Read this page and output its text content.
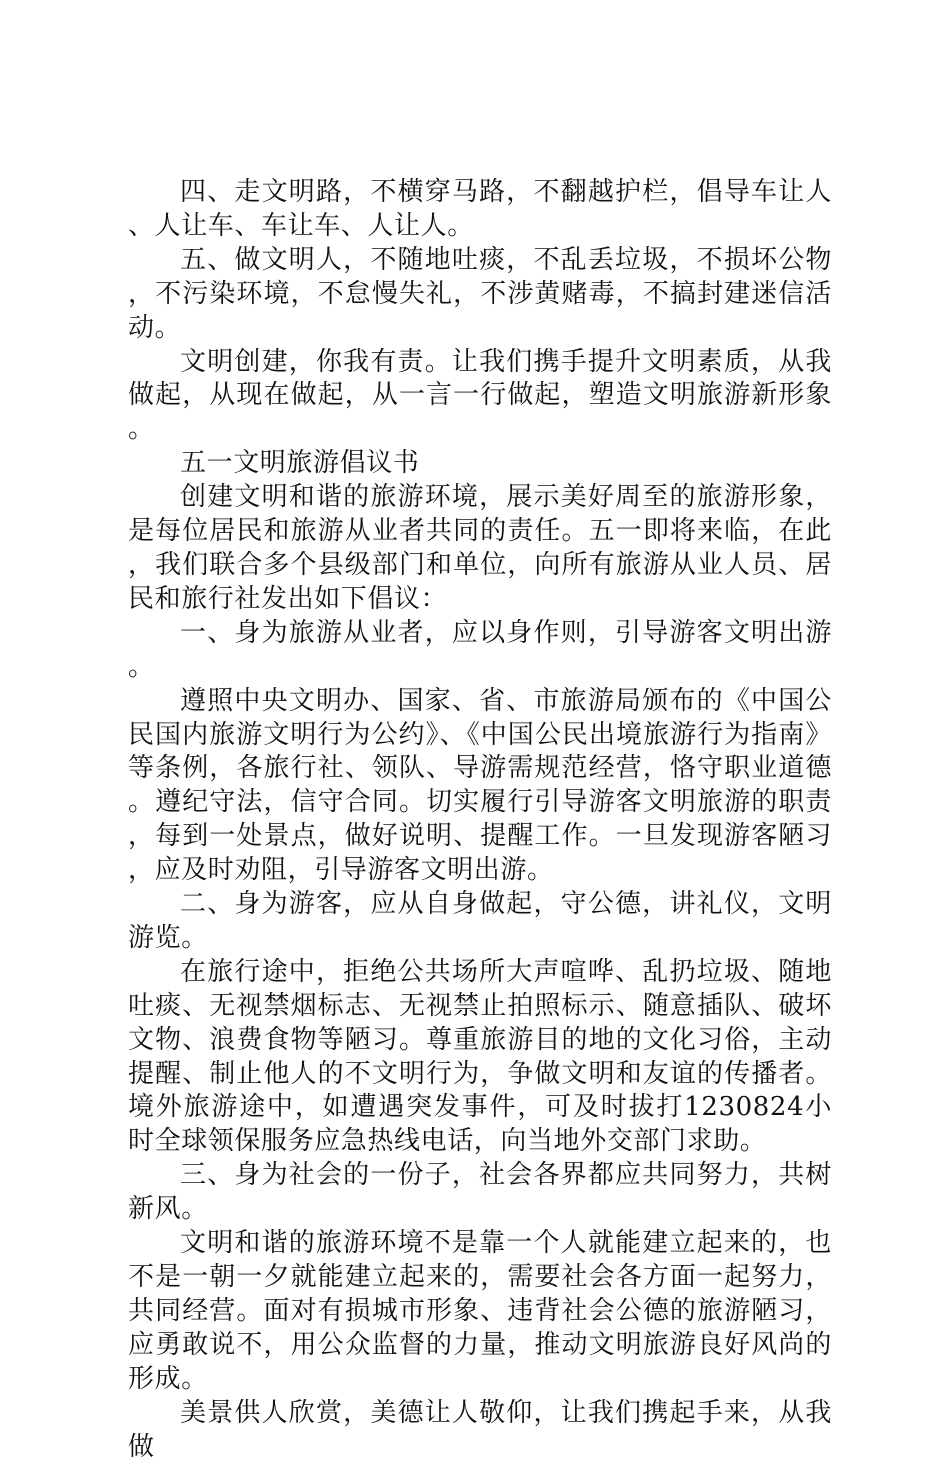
四、走文明路，不横穿马路，不翻越护栏，倡导车让人、人让车、车让车、人让人。

五、做文明人，不随地吐痰，不乱丢垃圾，不损坏公物，不污染环境，不怠慢失礼，不涉黄赌毒，不搞封建迷信活动。

文明创建，你我有责。让我们携手提升文明素质，从我做起，从现在做起，从一言一行做起，塑造文明旅游新形象。

五一文明旅游倡议书

创建文明和谐的旅游环境，展示美好周至的旅游形象，是每位居民和旅游从业者共同的责任。五一即将来临，在此，我们联合多个县级部门和单位，向所有旅游从业人员、居民和旅行社发出如下倡议：

一、身为旅游从业者，应以身作则，引导游客文明出游。

遵照中央文明办、国家、省、市旅游局颁布的《中国公民国内旅游文明行为公约》、《中国公民出境旅游行为指南》等条例，各旅行社、领队、导游需规范经营，恪守职业道德。遵纪守法，信守合同。切实履行引导游客文明旅游的职责，每到一处景点，做好说明、提醒工作。一旦发现游客陋习，应及时劝阻，引导游客文明出游。

二、身为游客，应从自身做起，守公德，讲礼仪，文明游览。

在旅行途中，拒绝公共场所大声喧哗、乱扔垃圾、随地吐痰、无视禁烟标志、无视禁止拍照标示、随意插队、破坏文物、浪费食物等陋习。尊重旅游目的地的文化习俗，主动提醒、制止他人的不文明行为，争做文明和友谊的传播者。境外旅游途中，如遭遇突发事件，可及时拔打1230824小时全球领保服务应急热线电话，向当地外交部门求助。

三、身为社会的一份子，社会各界都应共同努力，共树新风。

文明和谐的旅游环境不是靠一个人就能建立起来的，也不是一朝一夕就能建立起来的，需要社会各方面一起努力，共同经营。面对有损城市形象、违背社会公德的旅游陋习，应勇敢说不，用公众监督的力量，推动文明旅游良好风尚的形成。

美景供人欣赏，美德让人敬仰，让我们携起手来，从我做
